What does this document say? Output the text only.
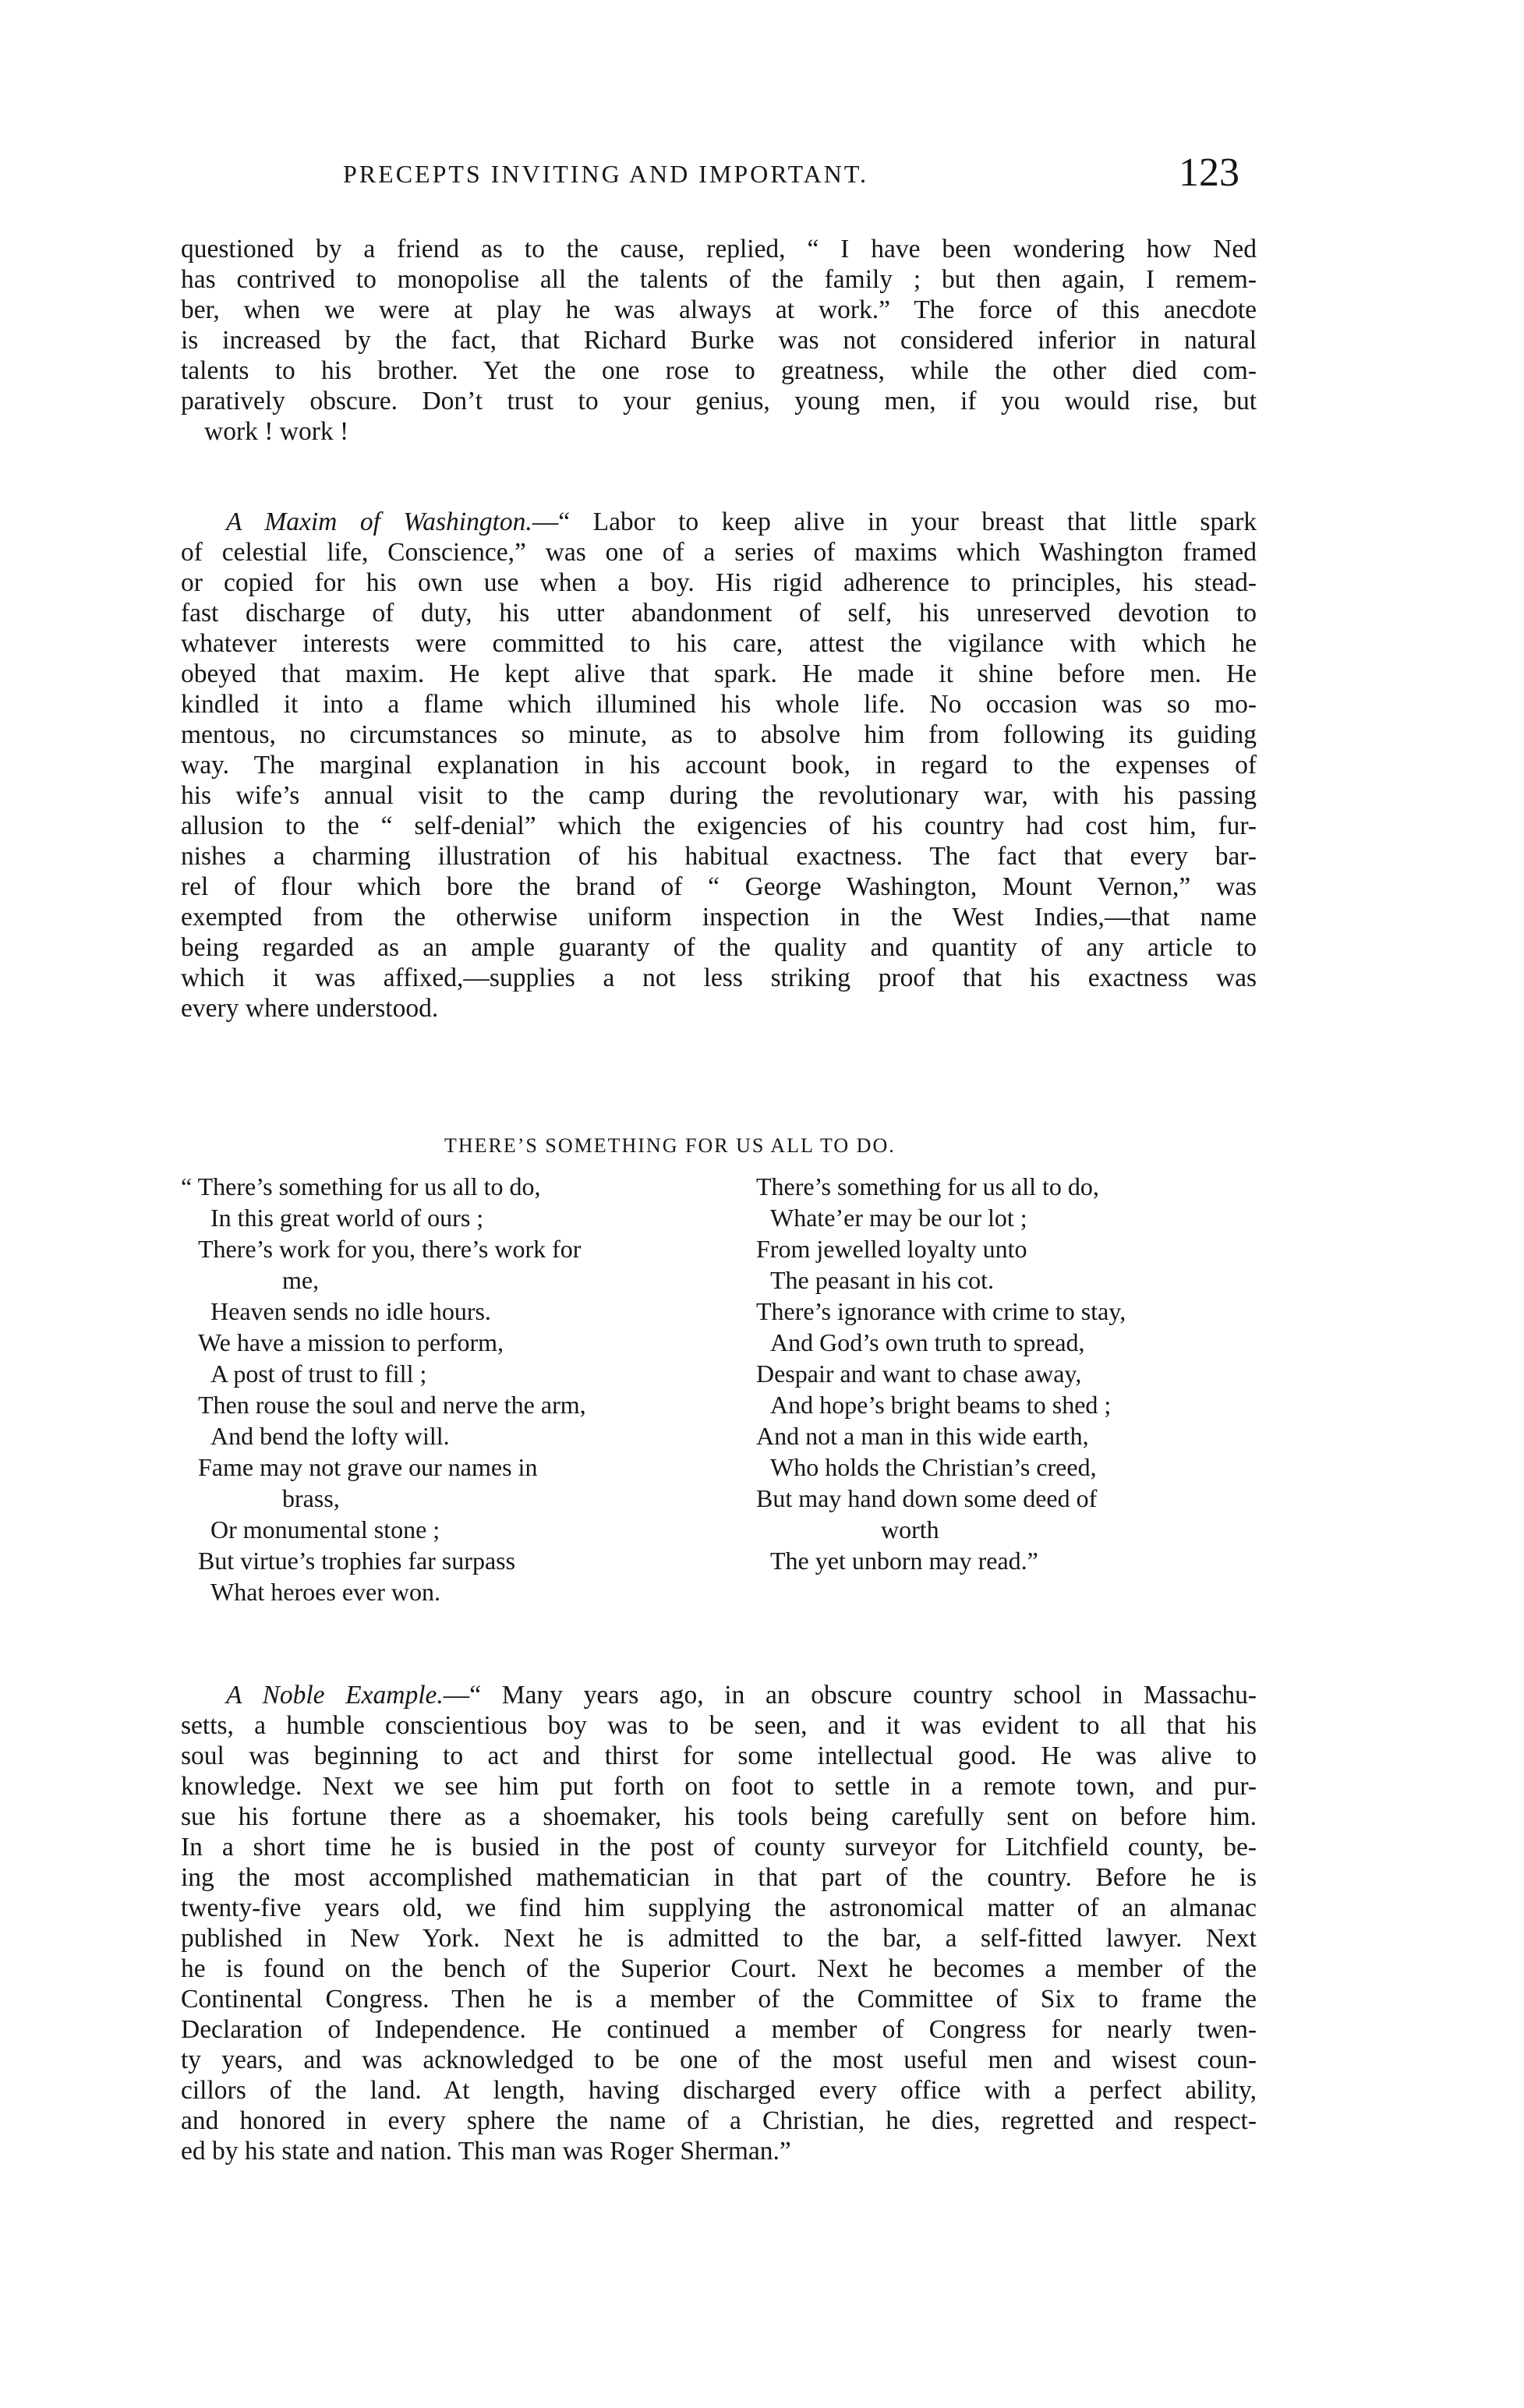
PRECEPTS INVITING AND IMPORTANT.	123
questioned by a friend as to the cause, replied, “ I have been wondering how Ned
has contrived to monopolise all the talents of the family ; but then again, I remem-
ber, when we were at play he was always at work.” The force of this anecdote
is increased by the fact, that Richard Burke was not considered inferior in natural
talents to his brother. Yet the one rose to greatness, while the other died com-
paratively obscure. Don’t trust to your genius, young men, if you would rise, but
work ! work !
A Maxim of Washington.—“ Labor to keep alive in your breast that little spark
of celestial life, Conscience,” was one of a series of maxims which Washington framed
or copied for his own use when a boy. His rigid adherence to principles, his stead-
fast discharge of duty, his utter abandonment of self, his unreserved devotion to
whatever interests were committed to his care, attest the vigilance with which he
obeyed that maxim. He kept alive that spark. He made it shine before men. He
kindled it into a flame which illumined his whole life. No occasion was so mo-
mentous, no circumstances so minute, as to absolve him from following its guiding
way. The marginal explanation in his account book, in regard to the expenses of
his wife’s annual visit to the camp during the revolutionary war, with his passing
allusion to the “ self-denial” which the exigencies of his country had cost him, fur-
nishes a charming illustration of his habitual exactness. The fact that every bar-
rel of flour which bore the brand of “ George Washington, Mount Vernon,” was
exempted from the otherwise uniform inspection in the West Indies,—that name
being regarded as an ample guaranty of the quality and quantity of any article to
which it was affixed,—supplies a not less striking proof that his exactness was
every where understood.
THERE’S SOMETHING FOR US ALL TO DO.
“ There’s something for us all to do,
In this great world of ours ;
There’s work for you, there’s work for
me,
Heaven sends no idle hours.
We have a mission to perform,
A post of trust to fill ;
Then rouse the soul and nerve the arm,
And bend the lofty will.
Fame may not grave our names in
brass,
Or monumental stone ;
But virtue’s trophies far surpass
What heroes ever won.
There’s something for us all to do,
Whate’er may be our lot ;
From jewelled loyalty unto
The peasant in his cot.
There’s ignorance with crime to stay,
And God’s own truth to spread,
Despair and want to chase away,
And hope’s bright beams to shed ;
And not a man in this wide earth,
Who holds the Christian’s creed,
But may hand down some deed of
worth
The yet unborn may read.”
A Noble Example.—“ Many years ago, in an obscure country school in Massachu-
setts, a humble conscientious boy was to be seen, and it was evident to all that his
soul was beginning to act and thirst for some intellectual good. He was alive to
knowledge. Next we see him put forth on foot to settle in a remote town, and pur-
sue his fortune there as a shoemaker, his tools being carefully sent on before him.
In a short time he is busied in the post of county surveyor for Litchfield county, be-
ing the most accomplished mathematician in that part of the country. Before he is
twenty-five years old, we find him supplying the astronomical matter of an almanac
published in New York. Next he is admitted to the bar, a self-fitted lawyer. Next
he is found on the bench of the Superior Court. Next he becomes a member of the
Continental Congress. Then he is a member of the Committee of Six to frame the
Declaration of Independence. He continued a member of Congress for nearly twen-
ty years, and was acknowledged to be one of the most useful men and wisest coun-
cillors of the land. At length, having discharged every office with a perfect ability,
and honored in every sphere the name of a Christian, he dies, regretted and respect-
ed by his state and nation. This man was Roger Sherman.”
